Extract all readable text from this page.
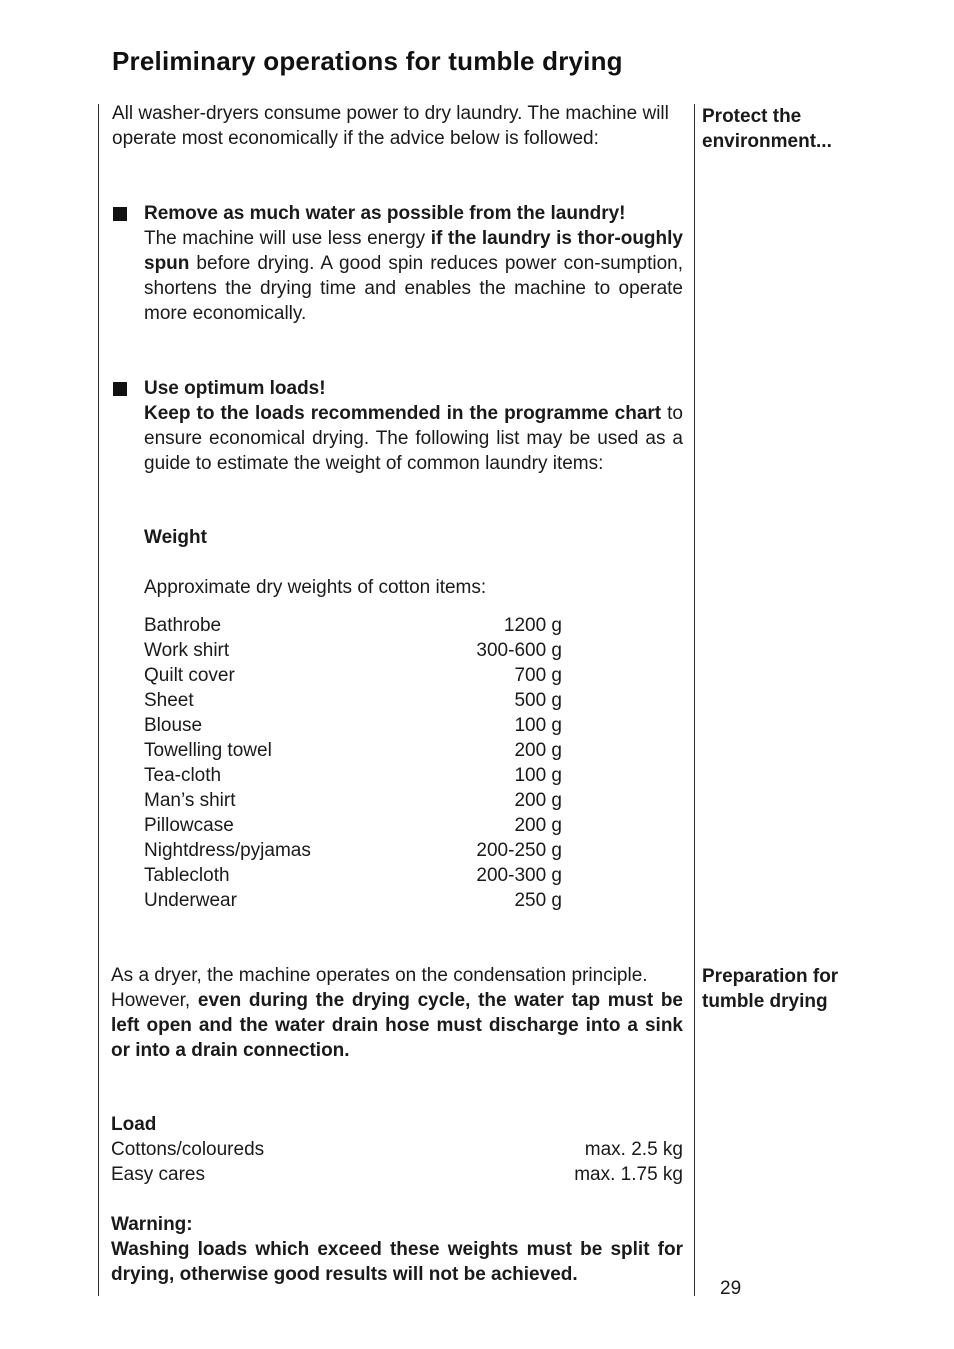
Preliminary operations for tumble drying

All washer-dryers consume power to dry laundry. The machine will

operate most economically if the advice below is followed:

Protect the

environment...

Preparation for

tumble drying

Remove as much water as possible from the laundry!

The machine will use less energy if the laundry is thor-oughly spun before drying. A good spin reduces power con-sumption, shortens the drying time and enables the machine to operate more economically.

Use optimum loads!

Keep to the loads recommended in the programme chart to ensure economical drying. The following list may be used as a guide to estimate the weight of common laundry items:

Weight
Approximate dry weights of cotton items:
Bathrobe	1200 g
Work shirt	300-600 g
Quilt cover	700 g
Sheet	500 g
Blouse	100 g
Towelling towel	200 g
Tea-cloth	100 g
Man’s shirt	200 g
Pillowcase	200 g
Nightdress/pyjamas	200-250 g
Tablecloth	200-300 g
Underwear	250 g

As a dryer, the machine operates on the condensation principle.

However, even during the drying cycle, the water tap must be left open and the water drain hose must discharge into a sink or into a drain connection.

Load

Cottons/coloureds	max. 2.5 kg
Easy cares	max. 1.75 kg

Warning:

Washing loads which exceed these weights must be split for drying, otherwise good results will not be achieved.

29
